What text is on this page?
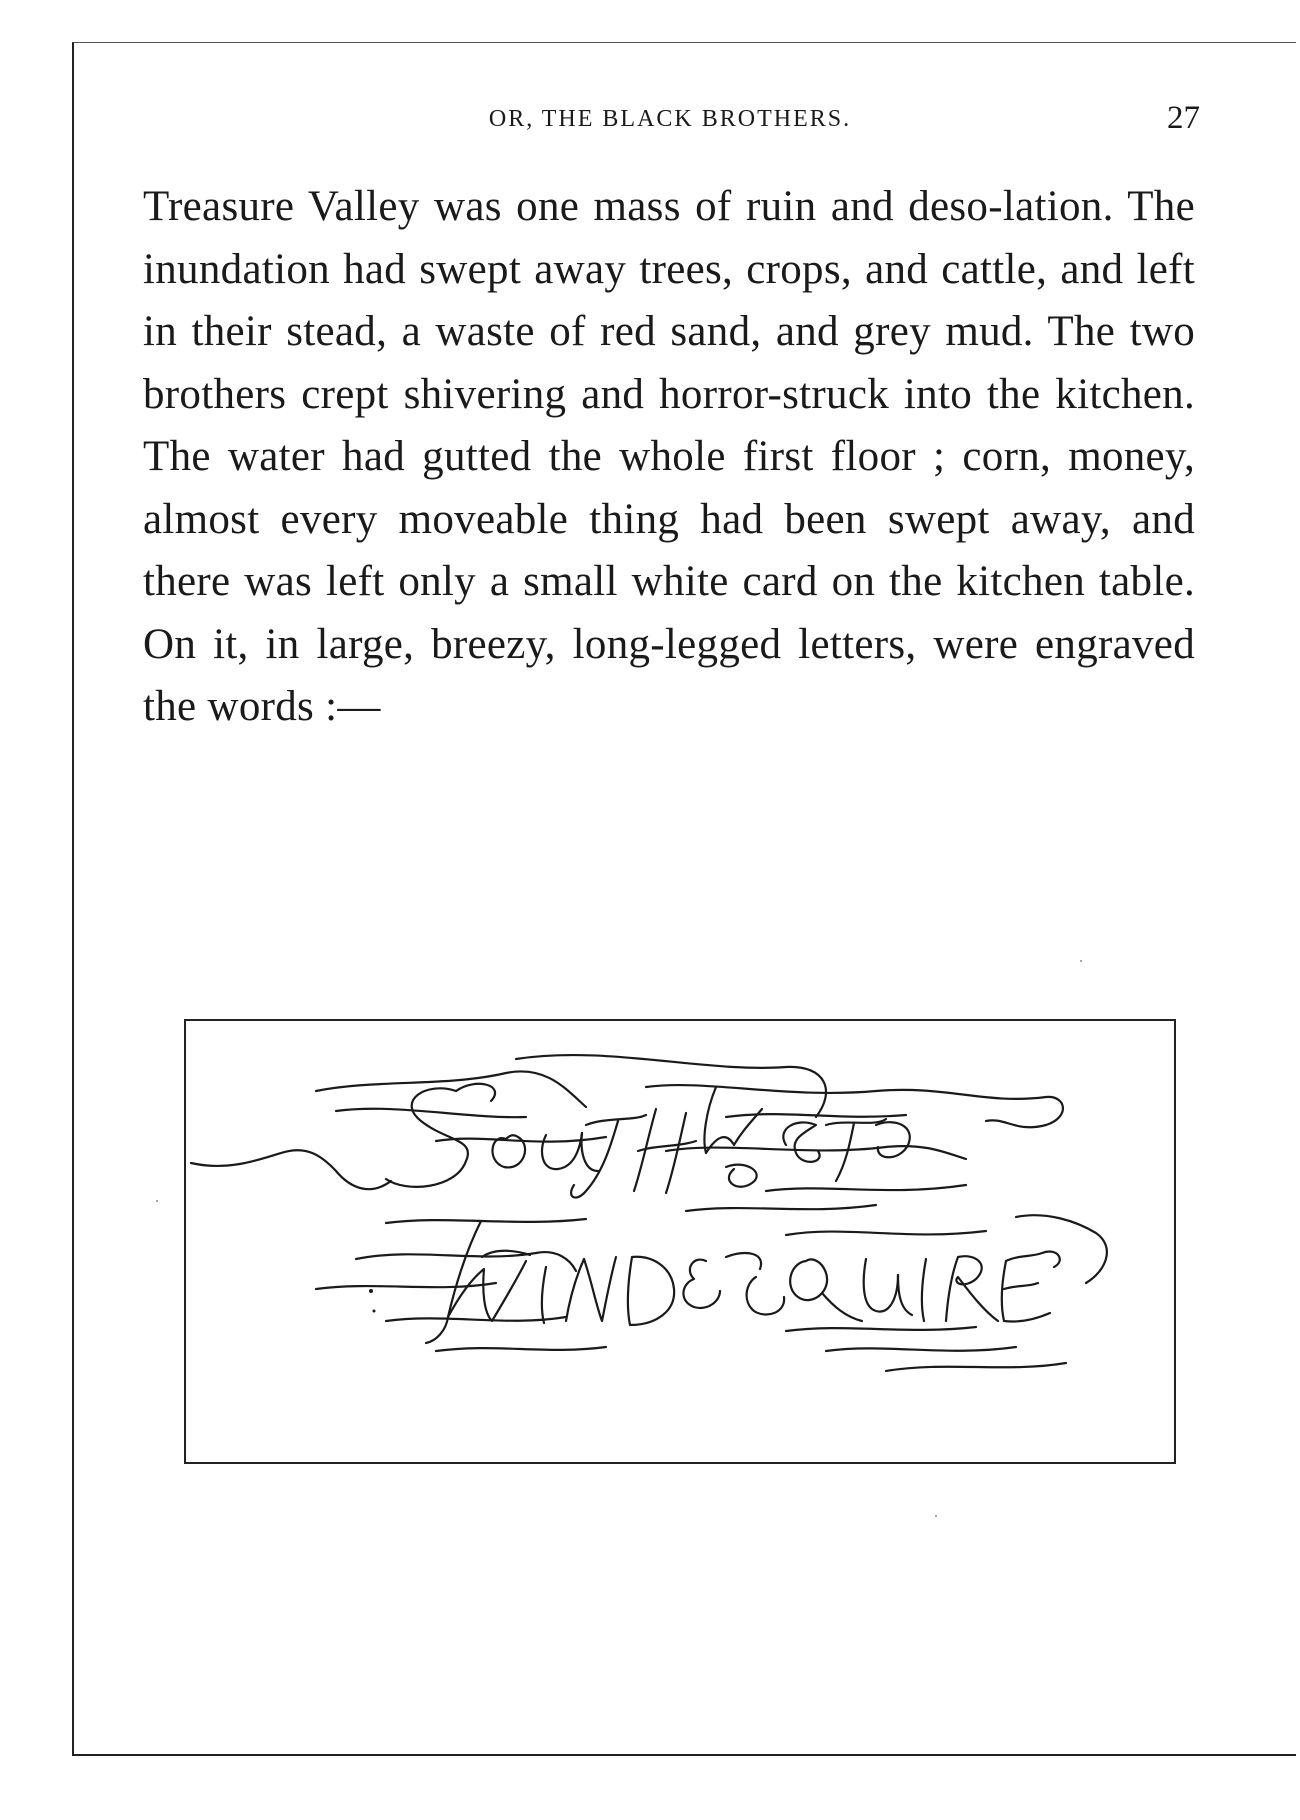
OR, THE BLACK BROTHERS.	27

Treasure Valley was one mass of ruin and deso-lation. The inundation had swept away trees, crops, and cattle, and left in their stead, a waste of red sand, and grey mud. The two brothers crept shivering and horror-struck into the kitchen. The water had gutted the whole first floor ; corn, money, almost every moveable thing had been swept away, and there was left only a small white card on the kitchen table. On it, in large, breezy, long-legged letters, were engraved the words :—
